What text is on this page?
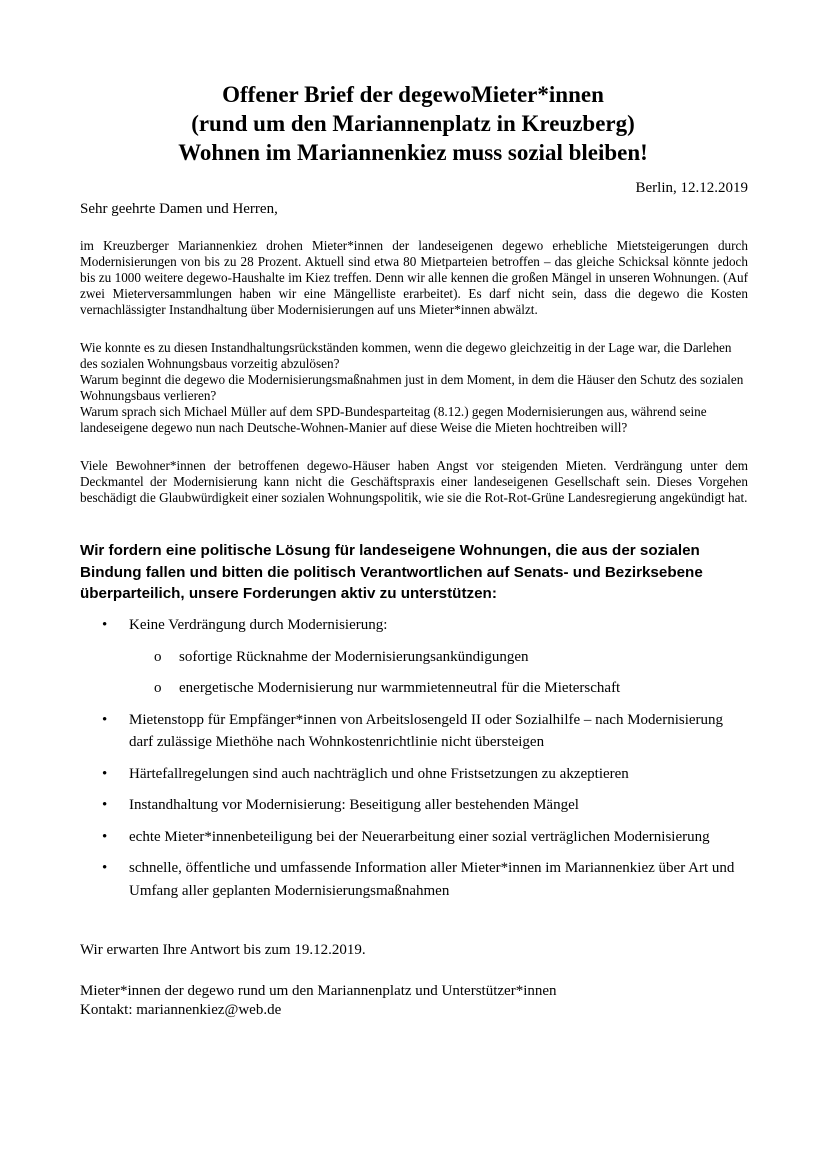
Offener Brief der degewoMieter*innen
(rund um den Mariannenplatz in Kreuzberg)
Wohnen im Mariannenkiez muss sozial bleiben!
Berlin, 12.12.2019
Sehr geehrte Damen und Herren,
im Kreuzberger Mariannenkiez drohen Mieter*innen der landeseigenen degewo erhebliche Mietsteigerungen durch Modernisierungen von bis zu 28 Prozent. Aktuell sind etwa 80 Mietparteien betroffen – das gleiche Schicksal könnte jedoch bis zu 1000 weitere degewo-Haushalte im Kiez treffen. Denn wir alle kennen die großen Mängel in unseren Wohnungen. (Auf zwei Mieterversammlungen haben wir eine Mängelliste erarbeitet). Es darf nicht sein, dass die degewo die Kosten vernachlässigter Instandhaltung über Modernisierungen auf uns Mieter*innen abwälzt.
Wie konnte es zu diesen Instandhaltungsrückständen kommen, wenn die degewo gleichzeitig in der Lage war, die Darlehen des sozialen Wohnungsbaus vorzeitig abzulösen?
Warum beginnt die degewo die Modernisierungsmaßnahmen just in dem Moment, in dem die Häuser den Schutz des sozialen Wohnungsbaus verlieren?
Warum sprach sich Michael Müller auf dem SPD-Bundesparteitag (8.12.) gegen Modernisierungen aus, während seine landeseigene degewo nun nach Deutsche-Wohnen-Manier auf diese Weise die Mieten hochtreiben will?
Viele Bewohner*innen der betroffenen degewo-Häuser haben Angst vor steigenden Mieten. Verdrängung unter dem Deckmantel der Modernisierung kann nicht die Geschäftspraxis einer landeseigenen Gesellschaft sein. Dieses Vorgehen beschädigt die Glaubwürdigkeit einer sozialen Wohnungspolitik, wie sie die Rot-Rot-Grüne Landesregierung angekündigt hat.
Wir fordern eine politische Lösung für landeseigene Wohnungen, die aus der sozialen Bindung fallen und bitten die politisch Verantwortlichen auf Senats- und Bezirksebene überparteilich, unsere Forderungen aktiv zu unterstützen:
• Keine Verdrängung durch Modernisierung:
o sofortige Rücknahme der Modernisierungsankündigungen
o energetische Modernisierung nur warmmietenneutral für die Mieterschaft
• Mietenstopp für Empfänger*innen von Arbeitslosengeld II oder Sozialhilfe – nach Modernisierung darf zulässige Miethöhe nach Wohnkostenrichtlinie nicht übersteigen
• Härtefallregelungen sind auch nachträglich und ohne Fristsetzungen zu akzeptieren
• Instandhaltung vor Modernisierung: Beseitigung aller bestehenden Mängel
• echte Mieter*innenbeteiligung bei der Neuerarbeitung einer sozial verträglichen Modernisierung
• schnelle, öffentliche und umfassende Information aller Mieter*innen im Mariannenkiez über Art und Umfang aller geplanten Modernisierungsmaßnahmen
Wir erwarten Ihre Antwort bis zum 19.12.2019.
Mieter*innen der degewo rund um den Mariannenplatz und Unterstützer*innen
Kontakt: mariannenkiez@web.de
